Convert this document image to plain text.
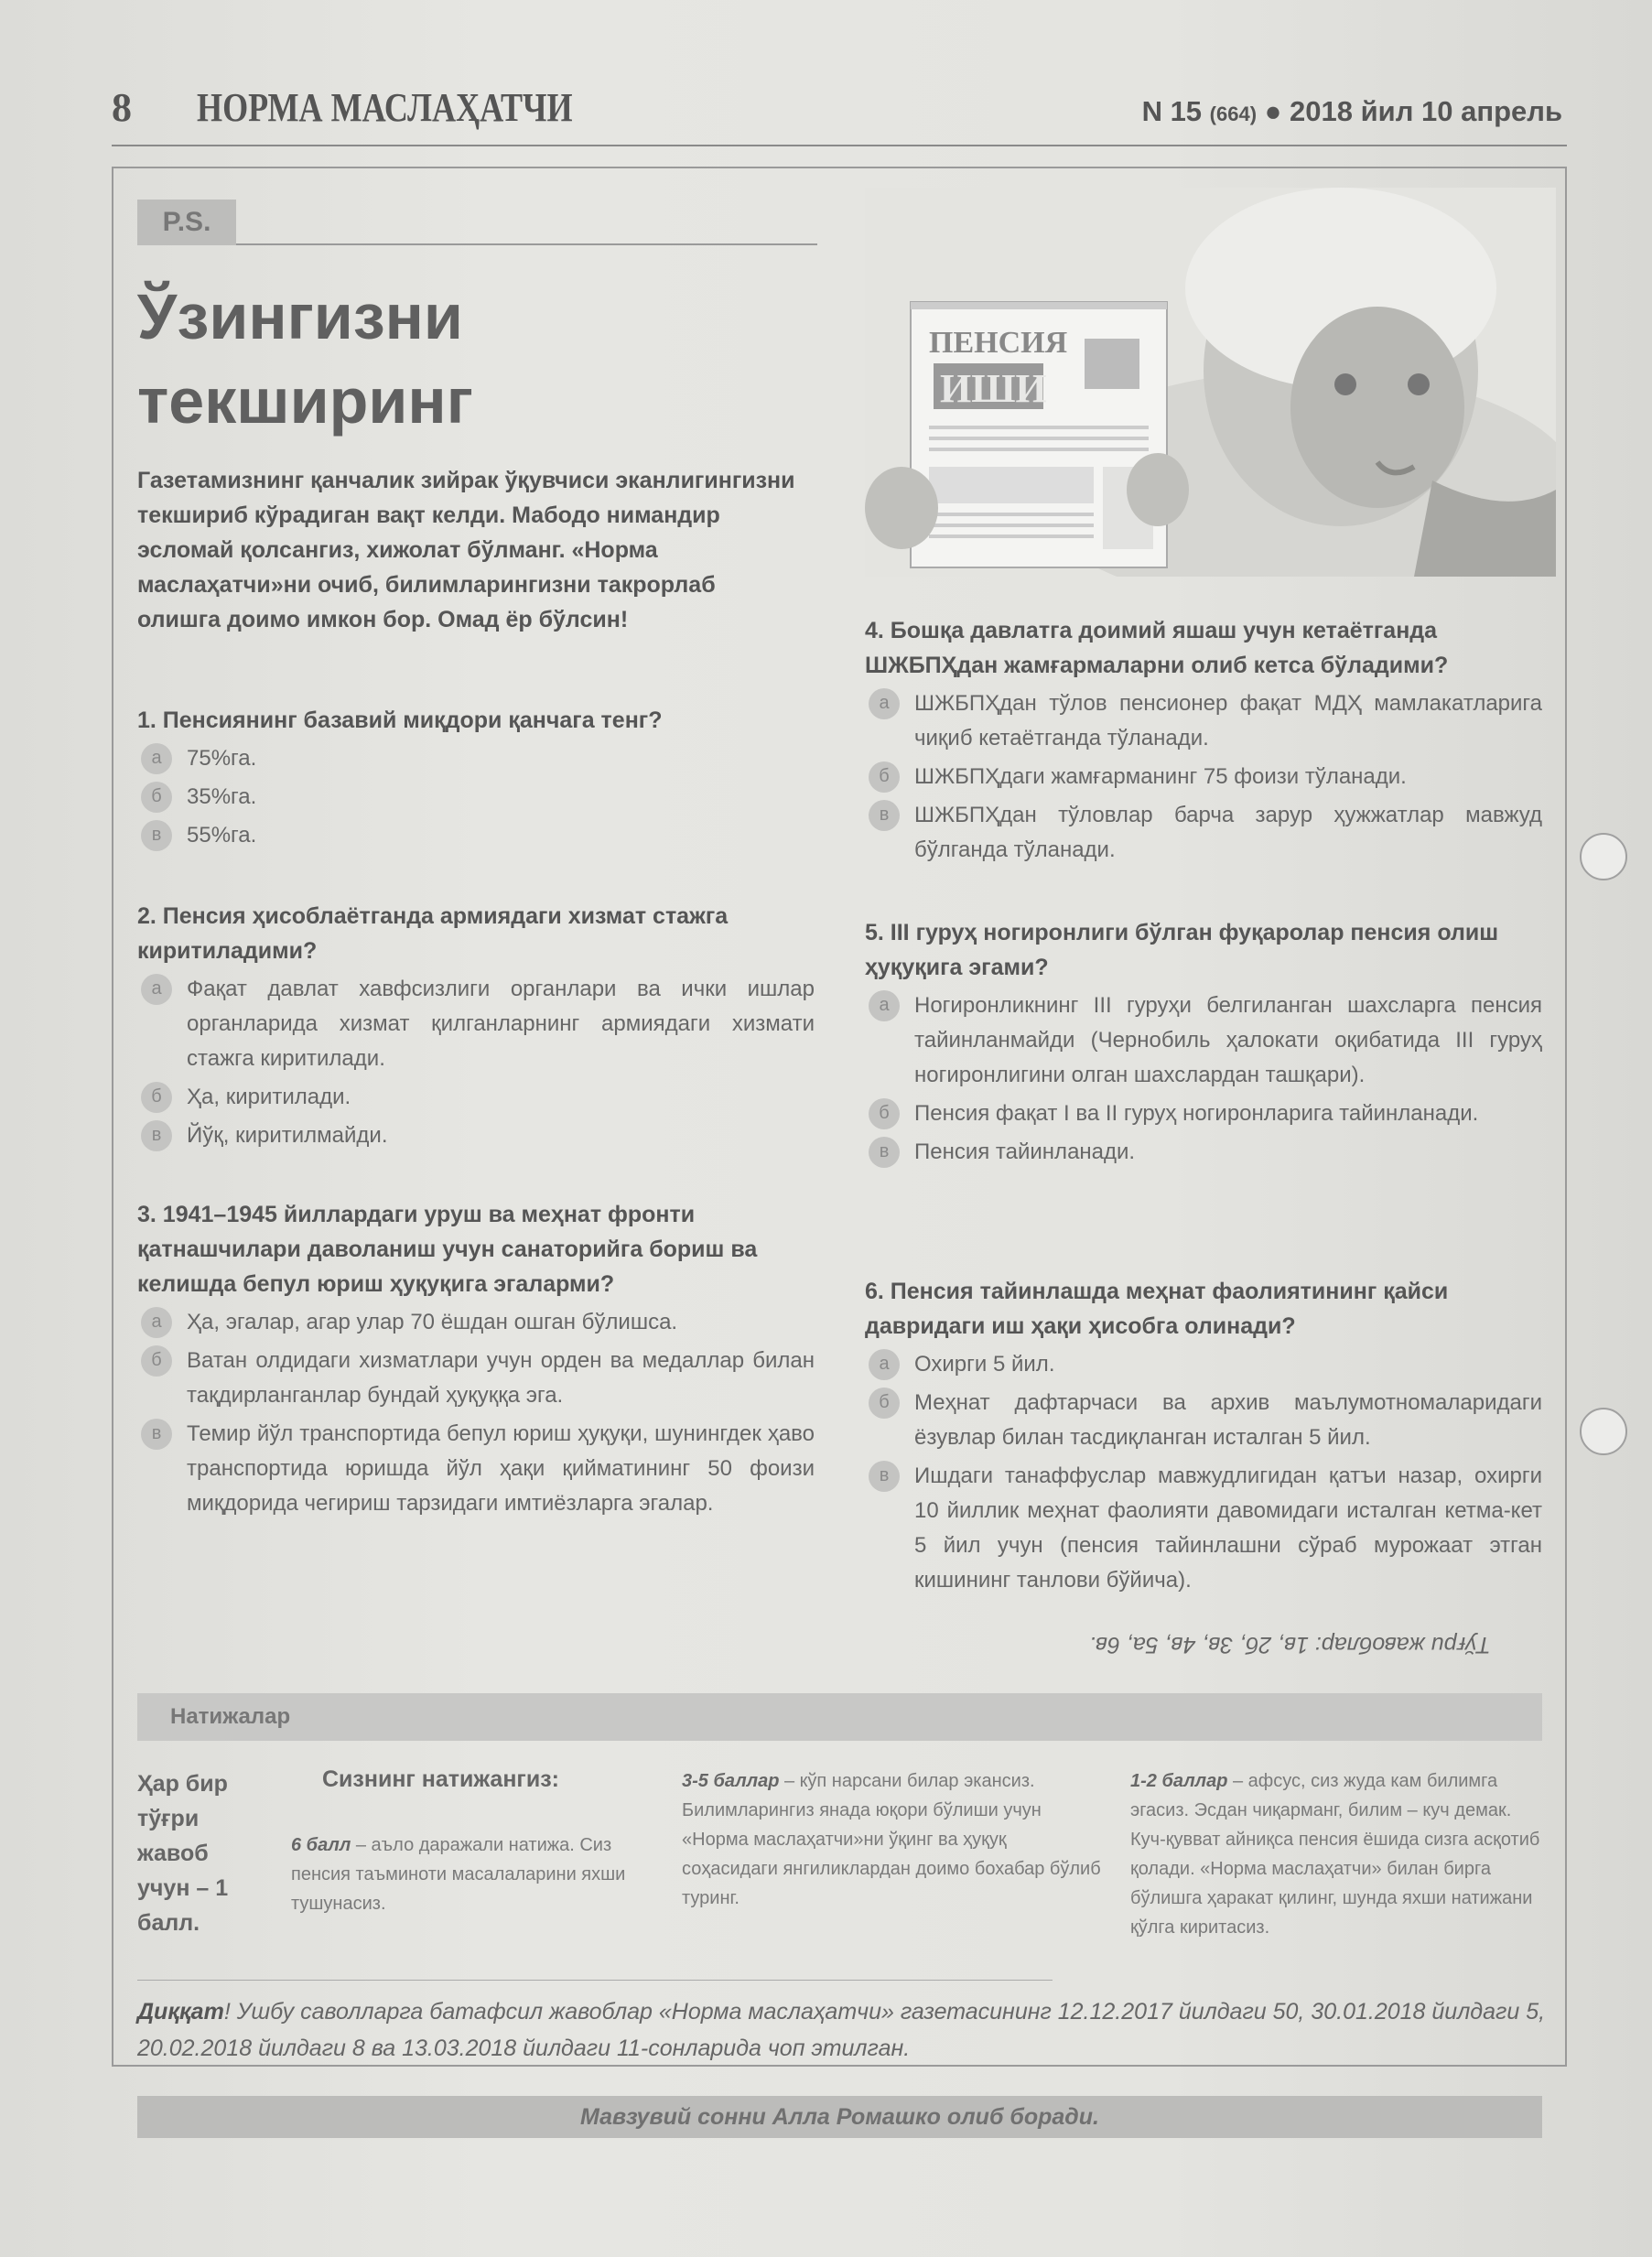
8 НОРМА МАСЛАҲАТЧИ	N 15 (664) ● 2018 йил 10 апрель
P.S.
Ўзингизни
текширинг
Газетамизнинг қанчалик зийрак ўқувчиси эканлигингизни текшириб кўрадиган вақт келди. Мабодо нимандир эсломай қолсангиз, хижолат бўлманг. «Норма маслаҳатчи»ни очиб, билимларингизни такрорлаб олишга доимо имкон бор. Омад ёр бўлсин!
ПЕНСИЯ
ИШИ
1. Пенсиянинг базавий миқдори қанчага тенг?
а	75%га.
б	35%га.
в	55%га.
2. Пенсия ҳисоблаётганда армиядаги хизмат стажга киритиладими?
а	Фақат давлат хавфсизлиги органлари ва ички ишлар органларида хизмат қилганларнинг армиядаги хизмати стажга киритилади.
б	Ҳа, киритилади.
в	Йўқ, киритилмайди.
3. 1941–1945 йиллардаги уруш ва меҳнат фронти қатнашчилари даволаниш учун санаторийга бориш ва келишда бепул юриш ҳуқуқига эгаларми?
а	Ҳа, эгалар, агар улар 70 ёшдан ошган бўлишса.
б	Ватан олдидаги хизматлари учун орден ва медаллар билан тақдирланганлар бундай ҳуқуққа эга.
в	Темир йўл транспортида бепул юриш ҳуқуқи, шунингдек ҳаво транспортида юришда йўл ҳақи қийматининг 50 фоизи миқдорида чегириш тарзидаги имтиёзларга эгалар.
4. Бошқа давлатга доимий яшаш учун кетаётганда ШЖБПҲдан жамғармаларни олиб кетса бўладими?
а	ШЖБПҲдан тўлов пенсионер фақат МДҲ мамлакатларига чиқиб кетаётганда тўланади.
б	ШЖБПҲдаги жамғарманинг 75 фоизи тўланади.
в	ШЖБПҲдан тўловлар барча зарур ҳужжатлар мавжуд бўлганда тўланади.
5. III гуруҳ ногиронлиги бўлган фуқаролар пенсия олиш ҳуқуқига эгами?
а	Ногиронликнинг III гуруҳи белгиланган шахсларга пенсия тайинланмайди (Чернобиль ҳалокати оқибатида III гуруҳ ногиронлигини олган шахслардан ташқари).
б	Пенсия фақат I ва II гуруҳ ногиронларига тайинланади.
в	Пенсия тайинланади.
6. Пенсия тайинлашда меҳнат фаолиятининг қайси давридаги иш ҳақи ҳисобга олинади?
а	Охирги 5 йил.
б	Меҳнат дафтарчаси ва архив маълумотномаларидаги ёзувлар билан тасдиқланган исталган 5 йил.
в	Ишдаги танаффуслар мавжудлигидан қатъи назар, охирги 10 йиллик меҳнат фаолияти давомидаги исталган кетма-кет 5 йил учун (пенсия тайинлашни сўраб мурожаат этган кишининг танлови бўйича).
Тўғри жавоблар: 1в, 2б, 3в, 4в, 5а, 6в.
Натижалар
Ҳар бир тўғри жавоб учун – 1 балл.
Сизнинг натижангиз:
6 балл – аъло даражали натижа. Сиз пенсия таъминоти масалаларини яхши тушунасиз.
3-5 баллар – кўп нарсани билар экансиз. Билимларингиз янада юқори бўлиши учун «Норма маслаҳатчи»ни ўқинг ва ҳуқуқ соҳасидаги янгиликлардан доимо бохабар бўлиб туринг.
1-2 баллар – афсус, сиз жуда кам билимга эгасиз. Эсдан чиқарманг, билим – куч демак. Куч-қувват айниқса пенсия ёшида сизга асқотиб қолади. «Норма маслаҳатчи» билан бирга бўлишга ҳаракат қилинг, шунда яхши натижани қўлга киритасиз.
Диққат! Ушбу саволларга батафсил жавоблар «Норма маслаҳатчи» газетасининг 12.12.2017 йилдаги 50, 30.01.2018 йилдаги 5, 20.02.2018 йилдаги 8 ва 13.03.2018 йилдаги 11-сонларида чоп этилган.
Мавзувий сонни Алла Ромашко олиб боради.
